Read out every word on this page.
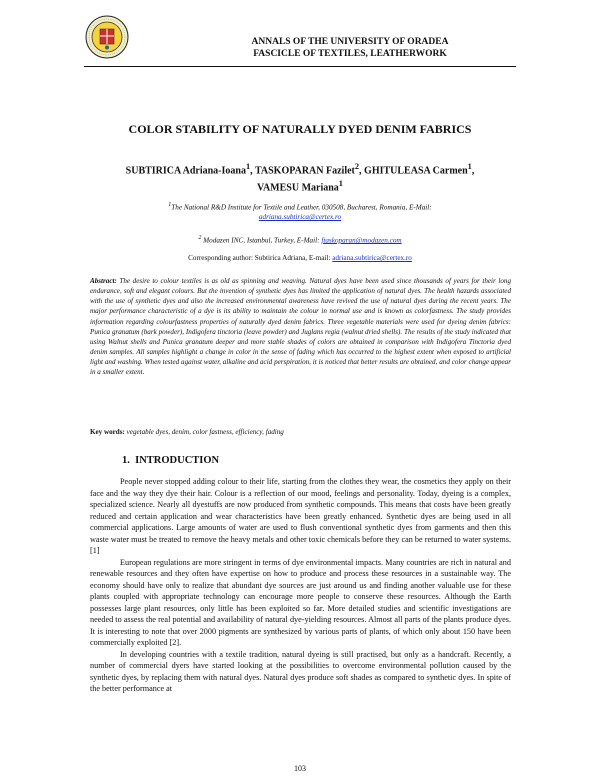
ANNALS OF THE UNIVERSITY OF ORADEA
FASCICLE OF TEXTILES, LEATHERWORK
COLOR STABILITY OF NATURALLY DYED DENIM FABRICS
SUBTIRICA Adriana-Ioana$^1$, TASKOPARAN Fazilet$^2$, GHITULEASA Carmen$^1$,
VAMESU Mariana$^1$
$^1$The National R&D Institute for Textile and Leather, 030508, Bucharest, Romania, E-Mail:
adriana.subtirica@certex.ro
$^2$ Modazen INC, Istanbul, Turkey, E-Mail: ftaskoparan@modazen.com
Corresponding author: Subtirica Adriana, E-mail: adriana.subtirica@certex.ro
Abstract: The desire to colour textiles is as old as spinning and weaving. Natural dyes have been used since thousands of years for their long endurance, soft and elegant colours. But the invention of synthetic dyes has limited the application of natural dyes. The health hazards associated with the use of synthetic dyes and also the increased environmental awareness have revived the use of natural dyes during the recent years. The major performance characteristic of a dye is its ability to maintain the colour in normal use and is known as colorfastness. The study provides information regarding colourfastness properties of naturally dyed denim fabrics. Three vegetable materials were used for dyeing denim fabrics: Punica granatum (bark powder), Indigofera tinctoria (leave powder) and Juglans regia (walnut dried shells). The results of the study indicated that using Walnut shells and Punica granatum deeper and more stable shades of colors are obtained in comparison with Indigofera Tinctoria dyed denim samples. All samples highlight a change in color in the sense of fading which has occurred to the highest extent when exposed to artificial light and washing. When tested against water, alkaline and acid perspiration, it is noticed that better results are obtained, and color change appear in a smaller extent.
Key words: vegetable dyes, denim, color fastness, efficiency, fading
1. INTRODUCTION

People never stopped adding colour to their life, starting from the clothes they wear, the cosmetics they apply on their face and the way they dye their hair. Colour is a reflection of our mood, feelings and personality. Today, dyeing is a complex, specialized science. Nearly all dyestuffs are now produced from synthetic compounds. This means that costs have been greatly reduced and certain application and wear characteristics have been greatly enhanced. Synthetic dyes are being used in all commercial applications. Large amounts of water are used to flush conventional synthetic dyes from garments and then this waste water must be treated to remove the heavy metals and other toxic chemicals before they can be returned to water systems. [1]

European regulations are more stringent in terms of dye environmental impacts. Many countries are rich in natural and renewable resources and they often have expertise on how to produce and process these resources in a sustainable way. The economy should have only to realize that abundant dye sources are just around us and finding another valuable use for these plants coupled with appropriate technology can encourage more people to conserve these resources. Although the Earth possesses large plant resources, only little has been exploited so far. More detailed studies and scientific investigations are needed to assess the real potential and availability of natural dye-yielding resources. Almost all parts of the plants produce dyes. It is interesting to note that over 2000 pigments are synthesized by various parts of plants, of which only about 150 have been commercially exploited [2].

In developing countries with a textile tradition, natural dyeing is still practised, but only as a handcraft. Recently, a number of commercial dyers have started looking at the possibilities to overcome environmental pollution caused by the synthetic dyes, by replacing them with natural dyes. Natural dyes produce soft shades as compared to synthetic dyes. In spite of the better performance at

103
